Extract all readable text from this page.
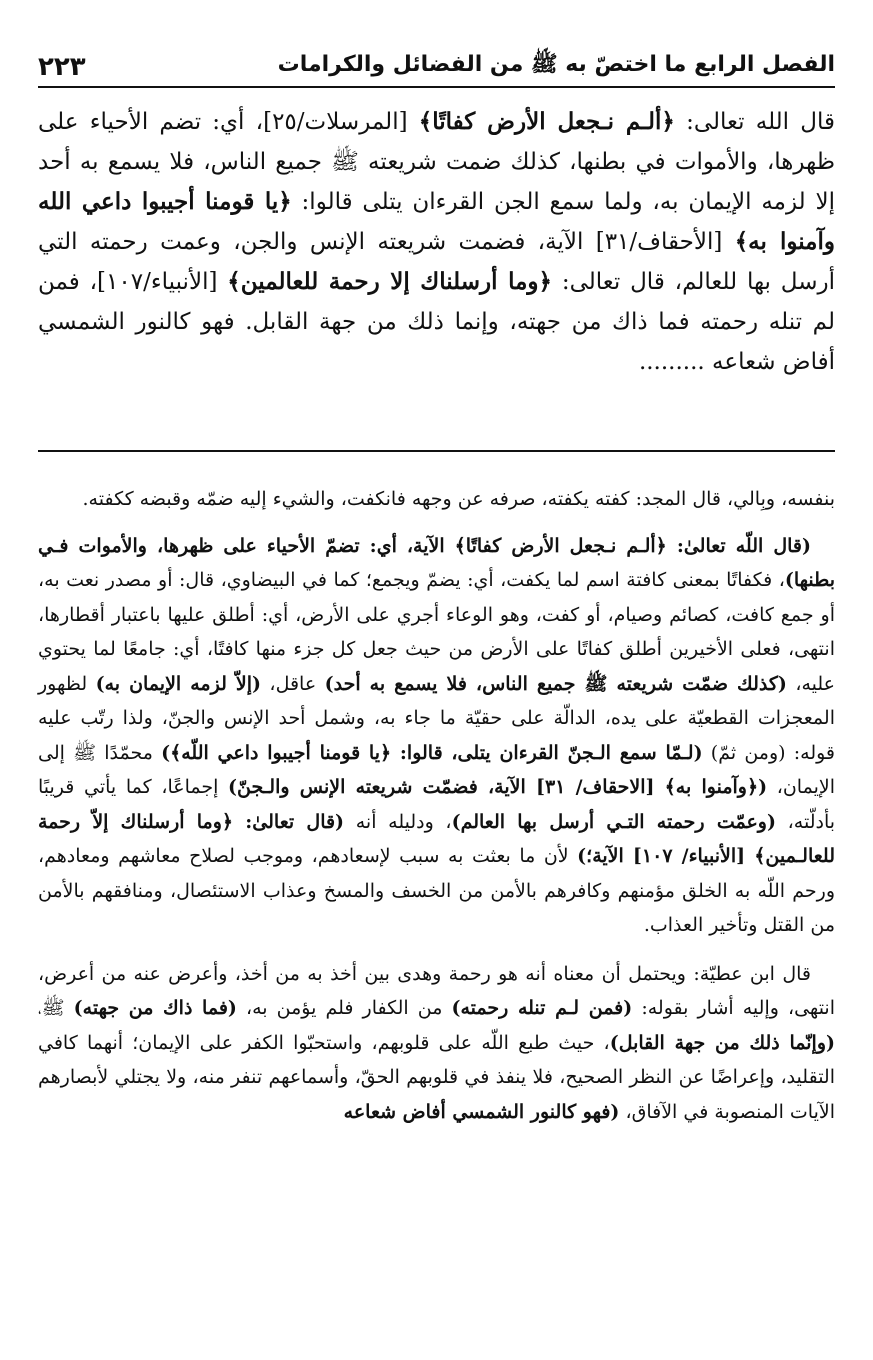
الفصل الرابع ما اختصّ به ﷺ من الفضائل والكرامات
٢٢٣

قال الله تعالى: ﴿ألـم نـجعل الأرض كفاتًا﴾ [المرسلات/٢٥]، أي: تضم الأحياء على ظهرها، والأموات في بطنها، كذلك ضمت شريعته ﷺ جميع الناس، فلا يسمع به أحد إلا لزمه الإيمان به، ولما سمع الجن القرءان يتلى قالوا: ﴿يا قومنا أجيبوا داعي الله وآمنوا به﴾ [الأحقاف/٣١] الآية، فضمت شريعته الإنس والجن، وعمت رحمته التي أرسل بها للعالم، قال تعالى: ﴿وما أرسلناك إلا رحمة للعالمين﴾ [الأنبياء/١٠٧]، فمن لم تنله رحمته فما ذاك من جهته، وإنما ذلك من جهة القابل. فهو كالنور الشمسي أفاض شعاعه .........

بنفسه، وبِالي، قال المجد: كفته يكفته، صرفه عن وجهه فانكفت، والشيء إليه ضمّه وقبضه ككفته.

(قال اللّه تعالىٰ: ﴿ألـم نـجعل الأرض كفاتًا﴾ الآية، أي: تضمّ الأحياء على ظهرها، والأموات فـي بطنها)، فكفاتًا بمعنى كافتة اسم لما يكفت، أي: يضمّ ويجمع؛ كما في البيضاوي، قال: أو مصدر نعت به، أو جمع كافت، كصائم وصيام، أو كفت، وهو الوعاء أجري على الأرض، أي: أطلق عليها باعتبار أقطارها، انتهى، فعلى الأخيرين أطلق كفاتًا على الأرض من حيث جعل كل جزء منها كافتًا، أي: جامعًا لما يحتوي عليه، (كذلك ضمّت شريعته ﷺ جميع الناس، فلا يسمع به أحد) عاقل، (إلاّ لزمه الإيمان به) لظهور المعجزات القطعيّة على يده، الدالّة على حقيّة ما جاء به، وشمل أحد الإنس والجنّ، ولذا رتّب عليه قوله: (ومن ثمّ) (لـمّا سمع الـجنّ القرءان يتلى، قالوا: ﴿يا قومنا أجيبوا داعي اللّه﴾) محمّدًا ﷺ إلى الإيمان، (﴿وآمنوا به﴾ [الاحقاف/ ٣١] الآية، فضمّت شريعته الإنس والـجنّ) إجماعًا، كما يأتي قريبًا بأدلّته، (وعمّت رحمته التـي أرسل بها العالم)، ودليله أنه (قال تعالىٰ: ﴿وما أرسلناك إلاّ رحمة للعالـمين﴾ [الأنبياء/ ١٠٧] الآية؛) لأن ما بعثت به سبب لإسعادهم، وموجب لصلاح معاشهم ومعادهم، ورحم اللّه به الخلق مؤمنهم وكافرهم بالأمن من الخسف والمسخ وعذاب الاستئصال، ومنافقهم بالأمن من القتل وتأخير العذاب.

قال ابن عطيّة: ويحتمل أن معناه أنه هو رحمة وهدى بين أخذ به من أخذ، وأعرض عنه من أعرض، انتهى، وإليه أشار بقوله: (فمن لـم تنله رحمته) من الكفار فلم يؤمن به، (فما ذاك من جهته) ﷺ، (وإنّما ذلك من جهة القابل)، حيث طبع اللّه على قلوبهم، واستحبّوا الكفر على الإيمان؛ أنهما كافي التقليد، وإعراضًا عن النظر الصحيح، فلا ينفذ في قلوبهم الحقّ، وأسماعهم تنفر منه، ولا يجتلي لأبصارهم الآيات المنصوبة في الآفاق، (فهو كالنور الشمسي أفاض شعاعه
